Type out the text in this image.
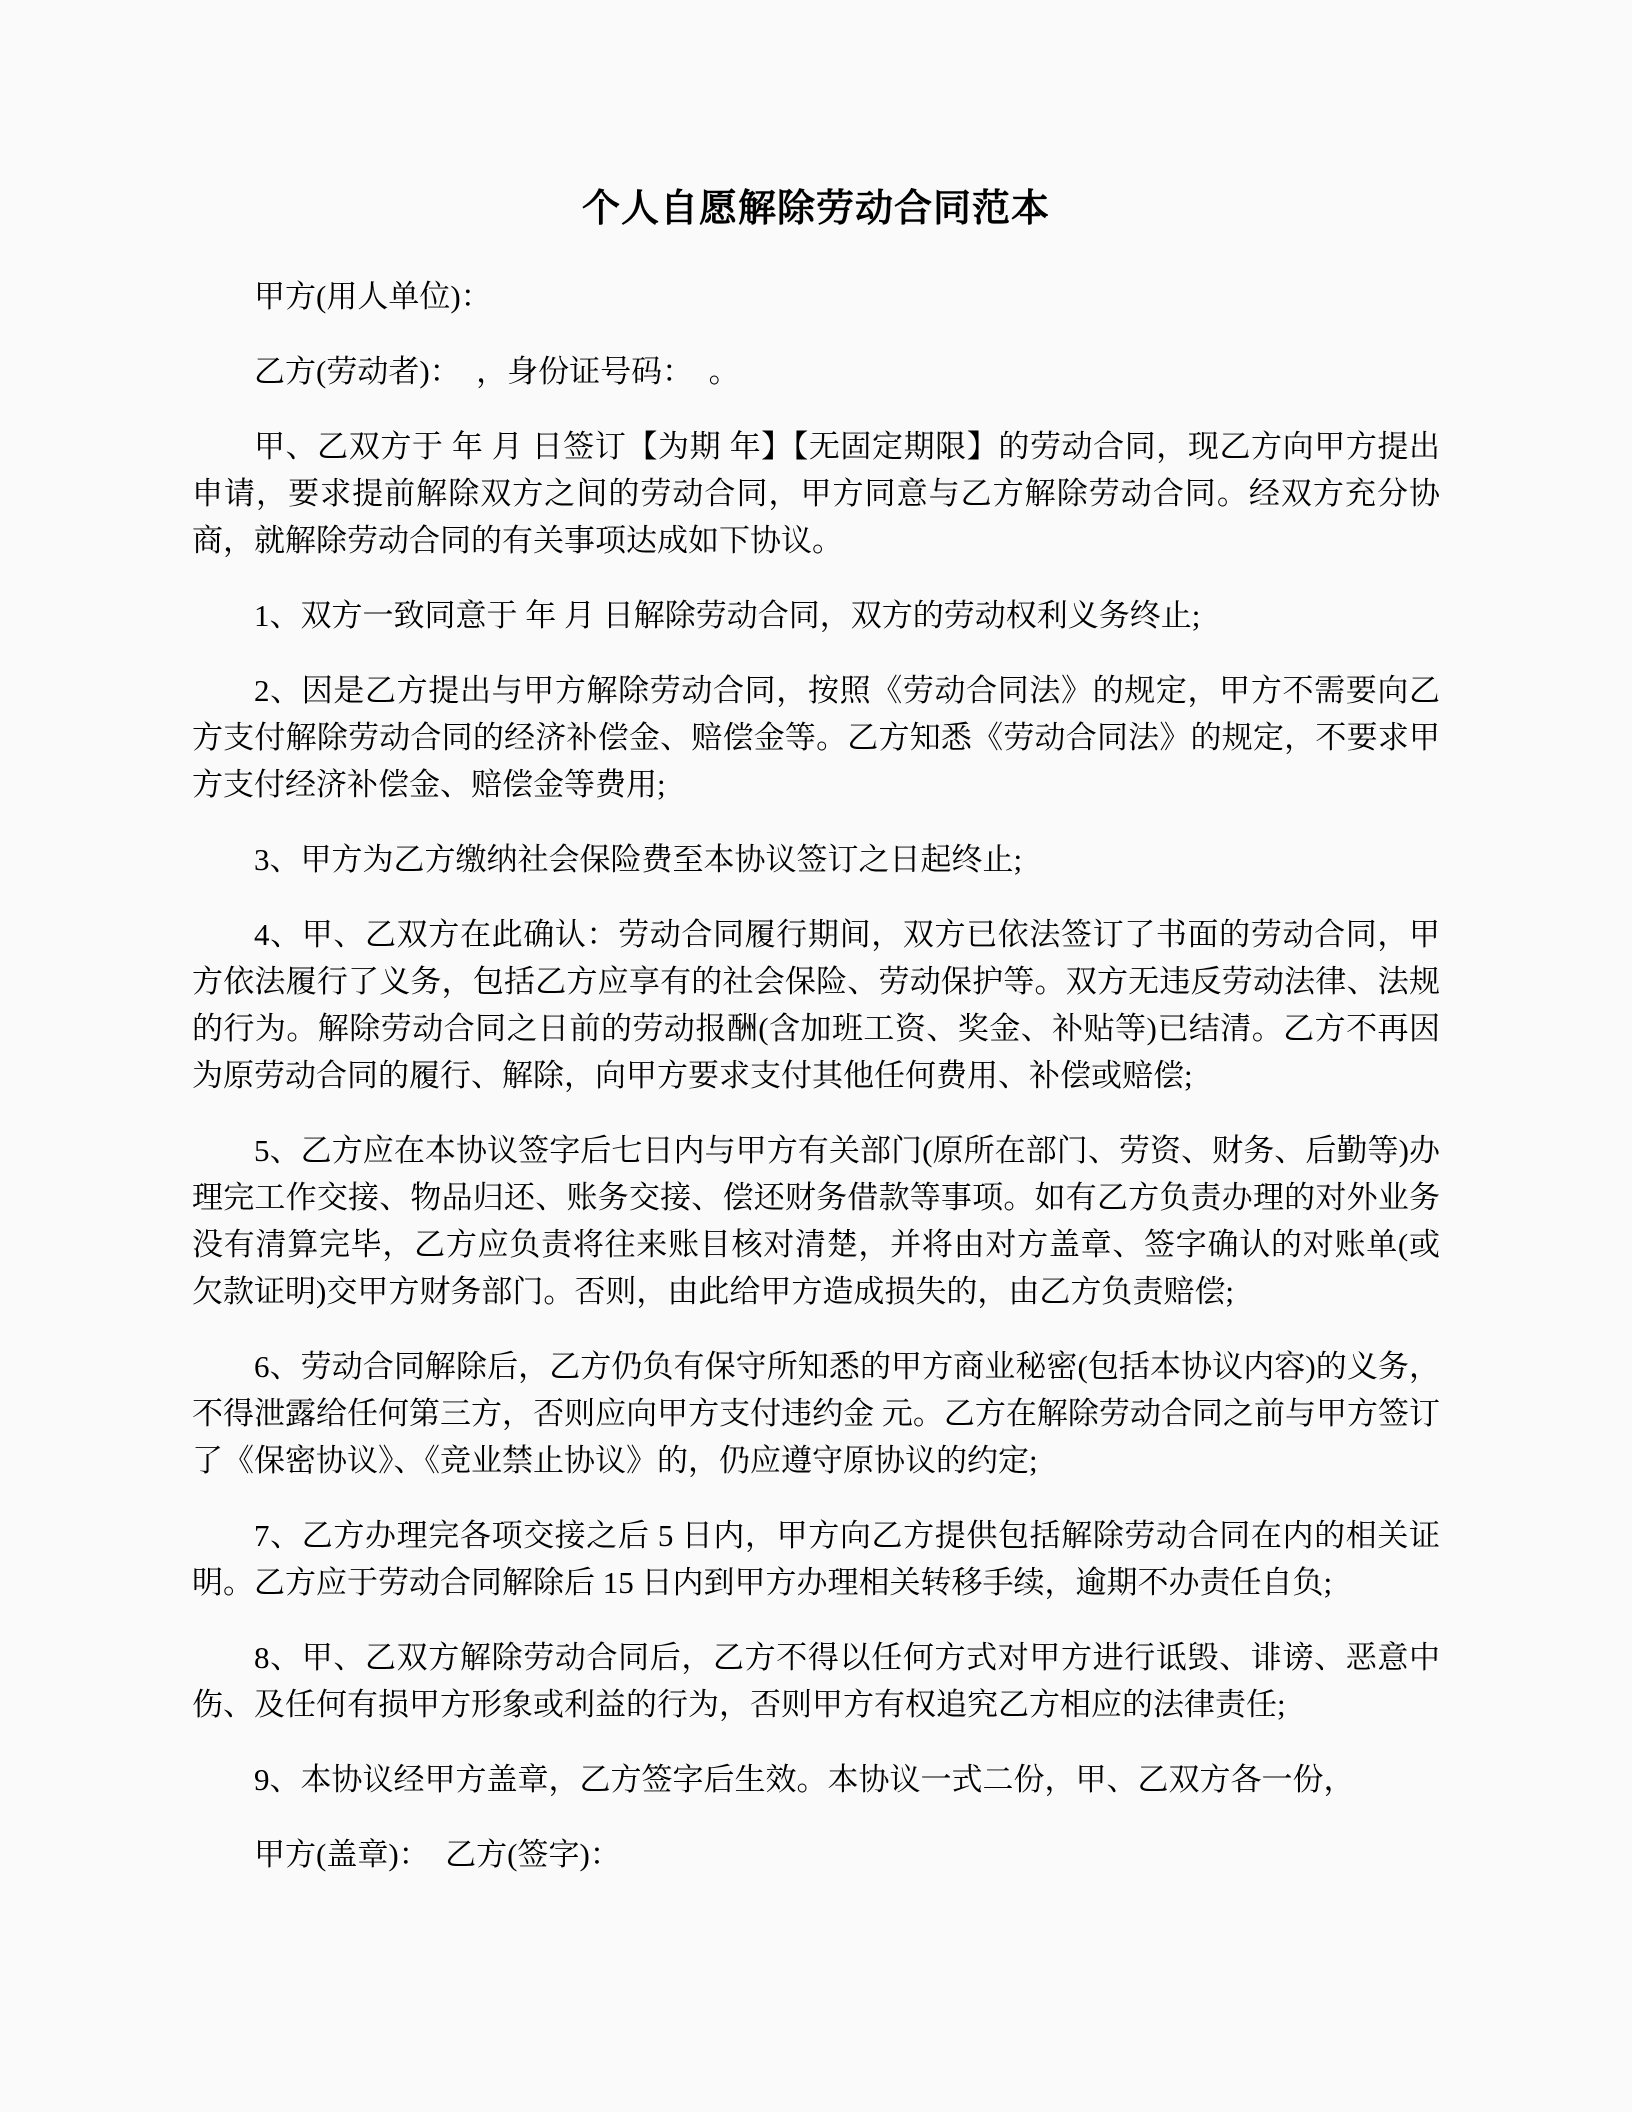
个人自愿解除劳动合同范本

甲方(用人单位)：

乙方(劳动者)：  ，身份证号码：  。

甲、乙双方于 年 月 日签订【为期 年】【无固定期限】的劳动合同，现乙方向甲方提出申请，要求提前解除双方之间的劳动合同，甲方同意与乙方解除劳动合同。经双方充分协商，就解除劳动合同的有关事项达成如下协议。

1、双方一致同意于 年 月 日解除劳动合同，双方的劳动权利义务终止;

2、因是乙方提出与甲方解除劳动合同，按照《劳动合同法》的规定，甲方不需要向乙方支付解除劳动合同的经济补偿金、赔偿金等。乙方知悉《劳动合同法》的规定，不要求甲方支付经济补偿金、赔偿金等费用;

3、甲方为乙方缴纳社会保险费至本协议签订之日起终止;

4、甲、乙双方在此确认：劳动合同履行期间，双方已依法签订了书面的劳动合同，甲方依法履行了义务，包括乙方应享有的社会保险、劳动保护等。双方无违反劳动法律、法规的行为。解除劳动合同之日前的劳动报酬(含加班工资、奖金、补贴等)已结清。乙方不再因为原劳动合同的履行、解除，向甲方要求支付其他任何费用、补偿或赔偿;

5、乙方应在本协议签字后七日内与甲方有关部门(原所在部门、劳资、财务、后勤等)办理完工作交接、物品归还、账务交接、偿还财务借款等事项。如有乙方负责办理的对外业务没有清算完毕，乙方应负责将往来账目核对清楚，并将由对方盖章、签字确认的对账单(或欠款证明)交甲方财务部门。否则，由此给甲方造成损失的，由乙方负责赔偿;

6、劳动合同解除后，乙方仍负有保守所知悉的甲方商业秘密(包括本协议内容)的义务，不得泄露给任何第三方，否则应向甲方支付违约金 元。乙方在解除劳动合同之前与甲方签订了《保密协议》、《竞业禁止协议》的，仍应遵守原协议的约定;

7、乙方办理完各项交接之后 5 日内，甲方向乙方提供包括解除劳动合同在内的相关证明。乙方应于劳动合同解除后 15 日内到甲方办理相关转移手续，逾期不办责任自负;

8、甲、乙双方解除劳动合同后，乙方不得以任何方式对甲方进行诋毁、诽谤、恶意中伤、及任何有损甲方形象或利益的行为，否则甲方有权追究乙方相应的法律责任;

9、本协议经甲方盖章，乙方签字后生效。本协议一式二份，甲、乙双方各一份，

甲方(盖章)：  乙方(签字)：
